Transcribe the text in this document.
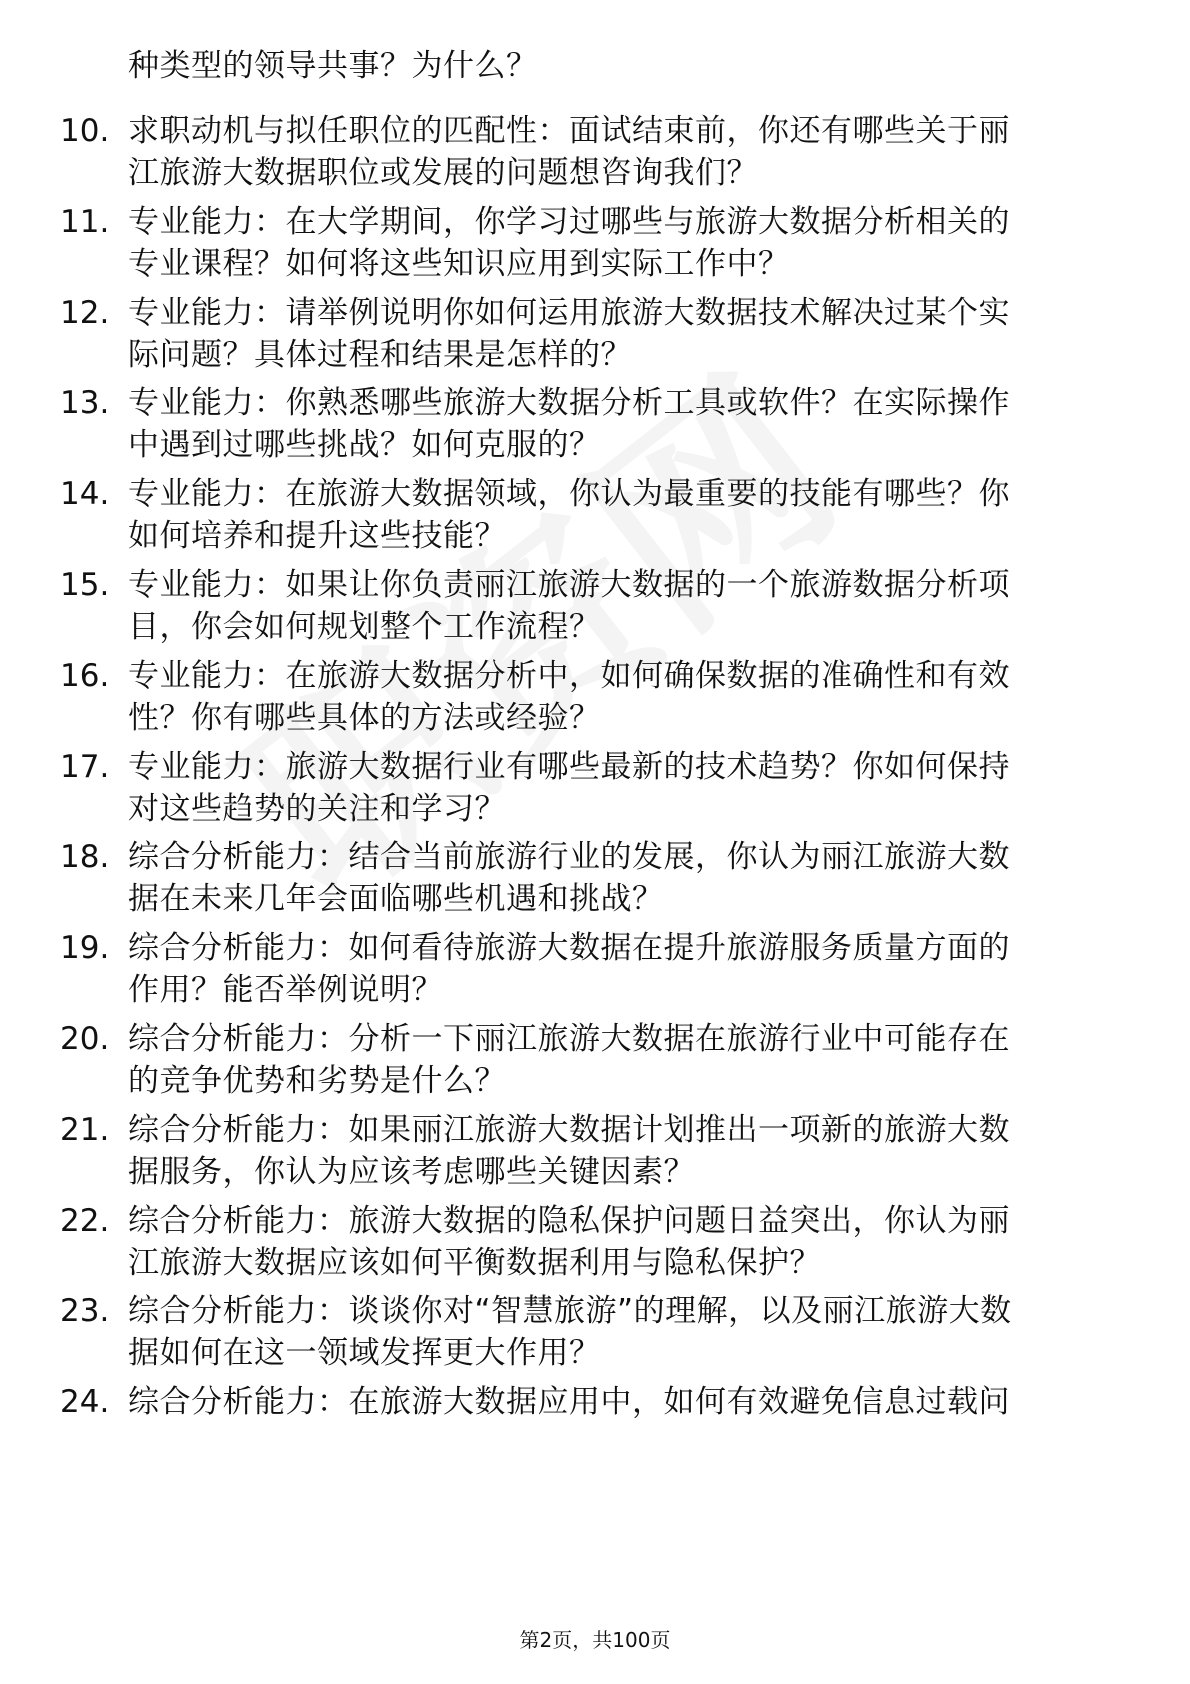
种类型的领导共事？为什么？
10. 求职动机与拟任职位的匹配性：面试结束前，你还有哪些关于丽
江旅游大数据职位或发展的问题想咨询我们？
11. 专业能力：在大学期间，你学习过哪些与旅游大数据分析相关的
专业课程？如何将这些知识应用到实际工作中？
12. 专业能力：请举例说明你如何运用旅游大数据技术解决过某个实
际问题？具体过程和结果是怎样的？
13. 专业能力：你熟悉哪些旅游大数据分析工具或软件？在实际操作
中遇到过哪些挑战？如何克服的？
14. 专业能力：在旅游大数据领域，你认为最重要的技能有哪些？你
如何培养和提升这些技能？
15. 专业能力：如果让你负责丽江旅游大数据的一个旅游数据分析项
目，你会如何规划整个工作流程？
16. 专业能力：在旅游大数据分析中，如何确保数据的准确性和有效
性？你有哪些具体的方法或经验？
17. 专业能力：旅游大数据行业有哪些最新的技术趋势？你如何保持
对这些趋势的关注和学习？
18. 综合分析能力：结合当前旅游行业的发展，你认为丽江旅游大数
据在未来几年会面临哪些机遇和挑战？
19. 综合分析能力：如何看待旅游大数据在提升旅游服务质量方面的
作用？能否举例说明？
20. 综合分析能力：分析一下丽江旅游大数据在旅游行业中可能存在
的竞争优势和劣势是什么？
21. 综合分析能力：如果丽江旅游大数据计划推出一项新的旅游大数
据服务，你认为应该考虑哪些关键因素？
22. 综合分析能力：旅游大数据的隐私保护问题日益突出，你认为丽
江旅游大数据应该如何平衡数据利用与隐私保护？
23. 综合分析能力：谈谈你对“智慧旅游”的理解，以及丽江旅游大数
据如何在这一领域发挥更大作用？
24. 综合分析能力：在旅游大数据应用中，如何有效避免信息过载问
第2页，共100页
